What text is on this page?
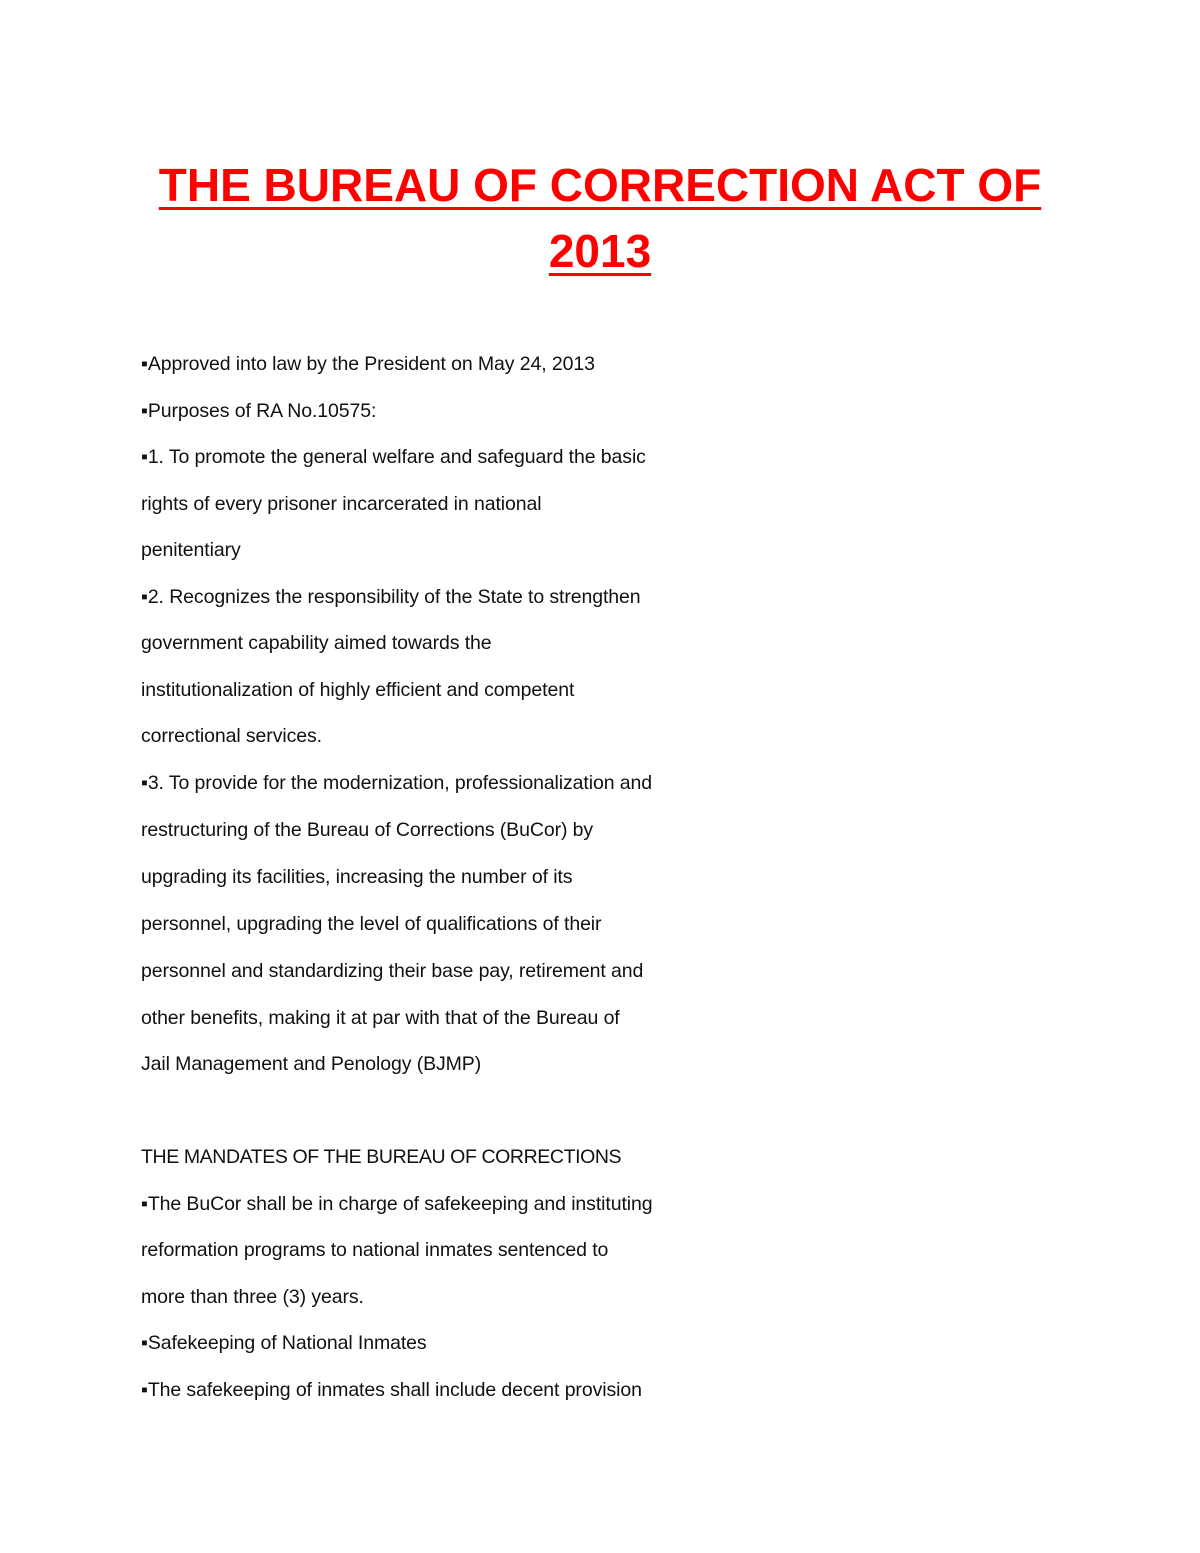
THE BUREAU OF CORRECTION ACT OF
2013
▪Approved into law by the President on May 24, 2013
▪Purposes of RA No.10575:
▪1. To promote the general welfare and safeguard the basic
rights of every prisoner incarcerated in national
penitentiary
▪2. Recognizes the responsibility of the State to strengthen
government capability aimed towards the
institutionalization of highly efficient and competent
correctional services.
▪3. To provide for the modernization, professionalization and
restructuring of the Bureau of Corrections (BuCor) by
upgrading its facilities, increasing the number of its
personnel, upgrading the level of qualifications of their
personnel and standardizing their base pay, retirement and
other benefits, making it at par with that of the Bureau of
Jail Management and Penology (BJMP)
THE MANDATES OF THE BUREAU OF CORRECTIONS
▪The BuCor shall be in charge of safekeeping and instituting
reformation programs to national inmates sentenced to
more than three (3) years.
▪Safekeeping of National Inmates
▪The safekeeping of inmates shall include decent provision
